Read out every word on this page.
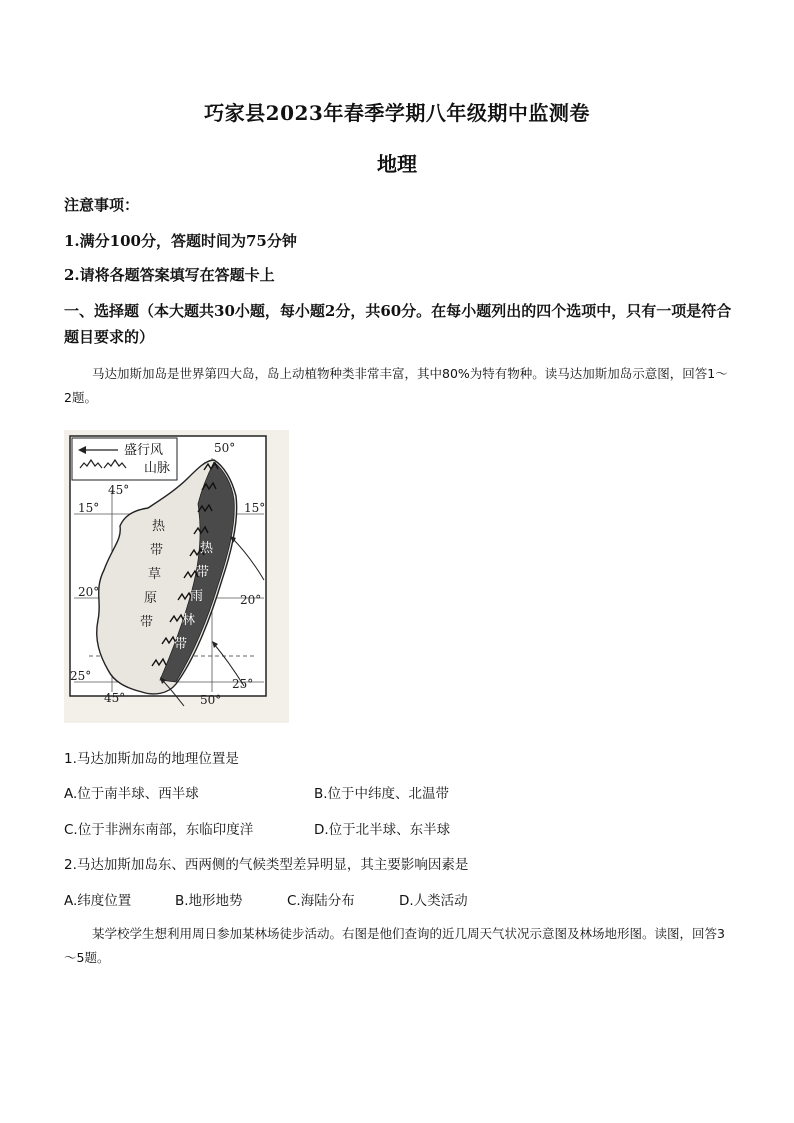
巧家县2023年春季学期八年级期中监测卷
地理
注意事项：
1.满分100分，答题时间为75分钟
2.请将各题答案填写在答题卡上
一、选择题（本大题共30小题，每小题2分，共60分。在每小题列出的四个选项中，只有一项是符合题目要求的）
马达加斯加岛是世界第四大岛，岛上动植物种类非常丰富，其中80%为特有物种。读马达加斯加岛示意图，回答1～2题。
盛行风
山脉
15°	15°
20°
20°
25°
25°
45°
50°
45°	50°
热
带
草
原
带
热
带
雨
林
带
1.马达加斯加岛的地理位置是
A.位于南半球、西半球	B.位于中纬度、北温带
C.位于非洲东南部，东临印度洋	D.位于北半球、东半球
2.马达加斯加岛东、西两侧的气候类型差异明显，其主要影响因素是
A.纬度位置	B.地形地势	C.海陆分布	D.人类活动
某学校学生想利用周日参加某林场徒步活动。右图是他们查询的近几周天气状况示意图及林场地形图。读图，回答3～5题。
